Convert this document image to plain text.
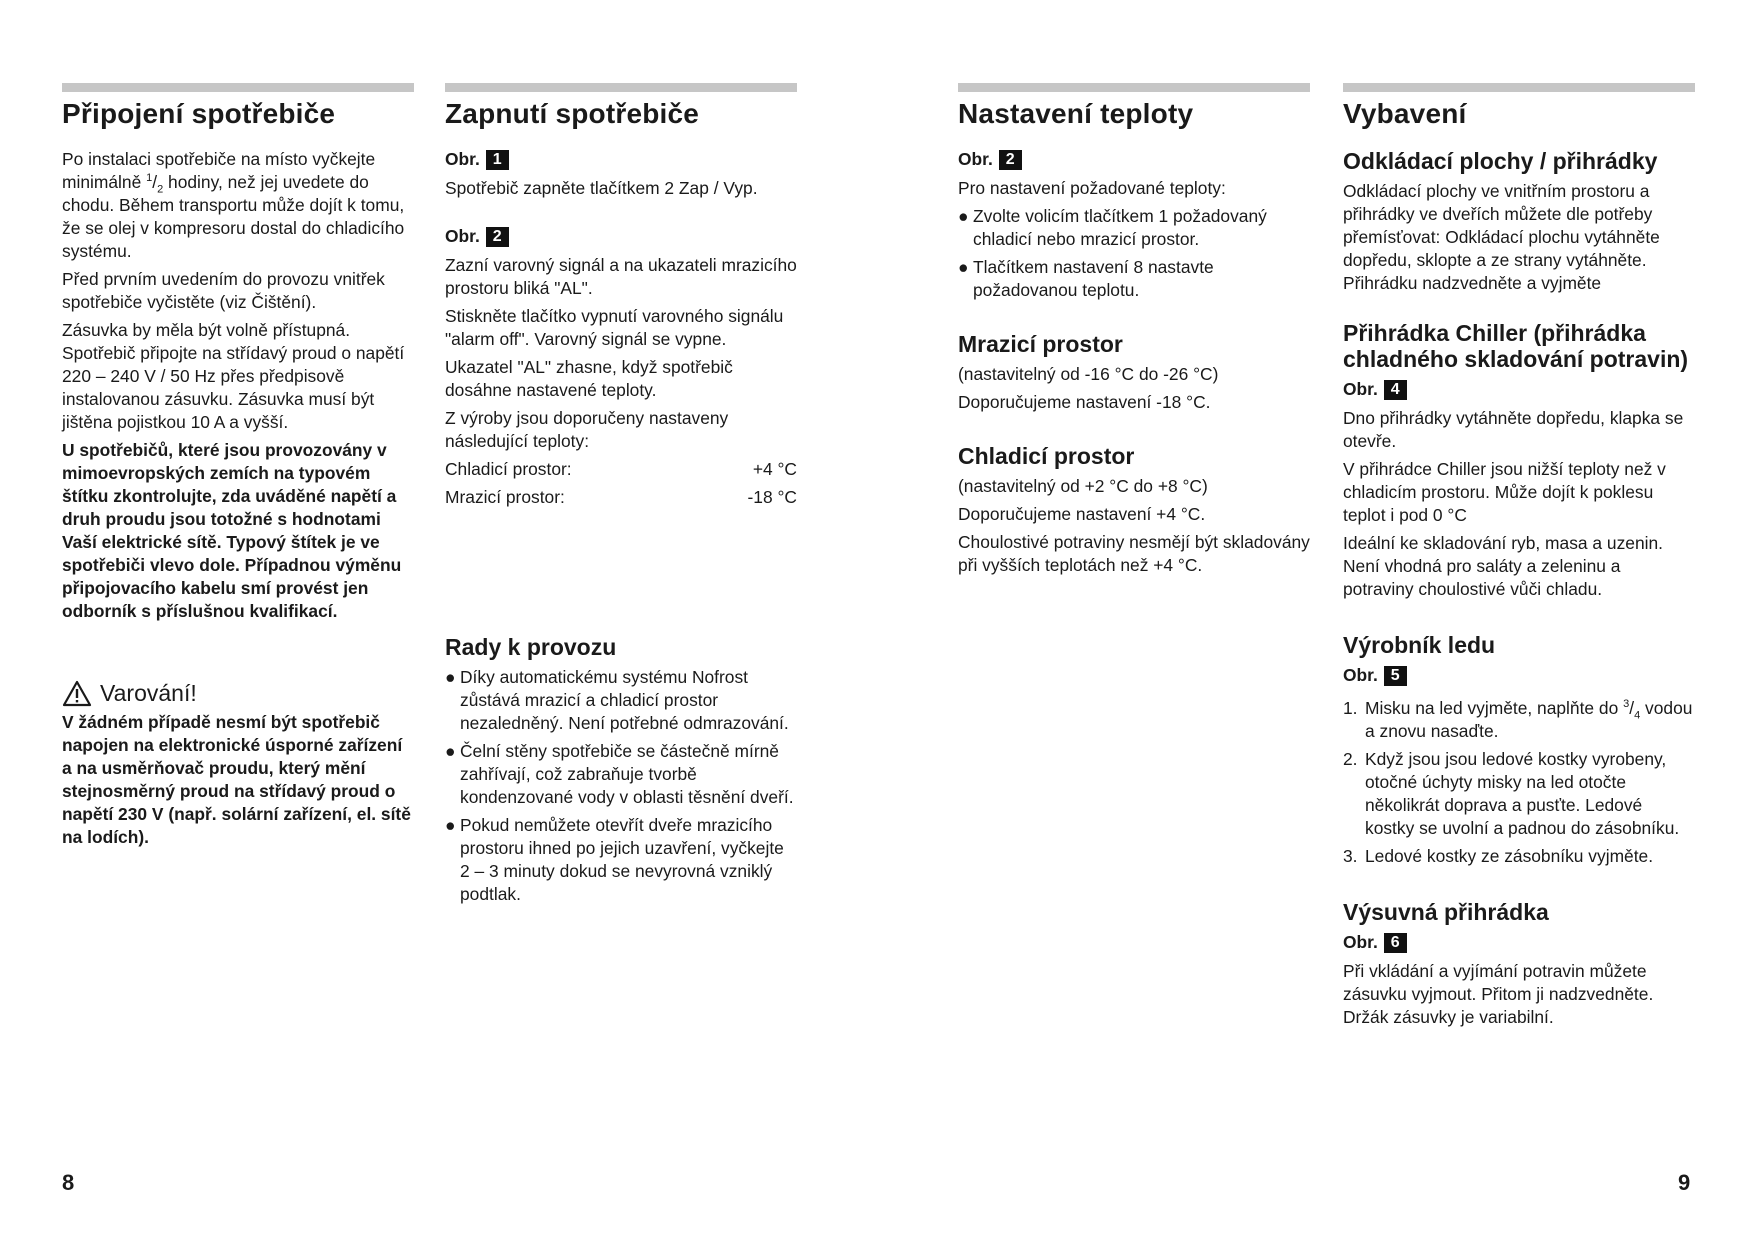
Připojení spotřebiče

Po instalaci spotřebiče na místo vyčkejte minimálně $^1/_2$ hodiny, než jej uvedete do chodu. Během transportu může dojít k tomu, že se olej v kompresoru dostal do chladicího systému.

Před prvním uvedením do provozu vnitřek spotřebiče vyčistěte (viz Čištění).

Zásuvka by měla být volně přístupná. Spotřebič připojte na střídavý proud o napětí 220 – 240 V / 50 Hz přes předpisově instalovanou zásuvku. Zásuvka musí být jištěna pojistkou 10 A a vyšší.

U spotřebičů, které jsou provozovány v mimoevropských zemích na typovém štítku zkontrolujte, zda uváděné napětí a druh proudu jsou totožné s hodnotami Vaší elektrické sítě. Typový štítek je ve spotřebiči vlevo dole. Případnou výměnu připojovacího kabelu smí provést jen odborník s příslušnou kvalifikací.

Varování!

V žádném případě nesmí být spotřebič napojen na elektronické úsporné zařízení a na usměrňovač proudu, který mění stejnosměrný proud na střídavý proud o napětí 230 V (např. solární zařízení, el. sítě na lodích).

Zapnutí spotřebiče
Obr. 1

Spotřebič zapněte tlačítkem 2 Zap / Vyp.

Obr. 2

Zazní varovný signál a na ukazateli mrazicího prostoru bliká "AL".

Stiskněte tlačítko vypnutí varovného signálu "alarm off". Varovný signál se vypne.

Ukazatel "AL" zhasne, když spotřebič dosáhne nastavené teploty.

Z výroby jsou doporučeny nastaveny následující teploty:

Chladicí prostor:	+4 °C
Mrazicí prostor:	-18 °C
Rady k provozu
● Díky automatickému systému Nofrost zůstává mrazicí a chladicí prostor nezaledněný. Není potřebné odmrazování.
● Čelní stěny spotřebiče se částečně mírně zahřívají, což zabraňuje tvorbě kondenzované vody v oblasti těsnění dveří.
● Pokud nemůžete otevřít dveře mrazicího prostoru ihned po jejich uzavření, vyčkejte 2 – 3 minuty dokud se nevyrovná vzniklý podtlak.
Nastavení teploty
Obr. 2

Pro nastavení požadované teploty:

● Zvolte volicím tlačítkem 1 požadovaný chladicí nebo mrazicí prostor.
● Tlačítkem nastavení 8 nastavte požadovanou teplotu.
Mrazicí prostor

(nastavitelný od -16 °C do -26 °C)

Doporučujeme nastavení -18 °C.

Chladicí prostor

(nastavitelný od +2 °C do +8 °C)

Doporučujeme nastavení +4 °C.

Choulostivé potraviny nesmějí být skladovány při vyšších teplotách než +4 °C.

Vybavení
Odkládací plochy / přihrádky

Odkládací plochy ve vnitřním prostoru a přihrádky ve dveřích můžete dle potřeby přemísťovat: Odkládací plochu vytáhněte dopředu, sklopte a ze strany vytáhněte. Přihrádku nadzvedněte a vyjměte

Přihrádka Chiller (přihrádka chladného skladování potravin)
Obr. 4

Dno přihrádky vytáhněte dopředu, klapka se otevře.

V přihrádce Chiller jsou nižší teploty než v chladicím prostoru. Může dojít k poklesu teplot i pod 0 °C

Ideální ke skladování ryb, masa a uzenin. Není vhodná pro saláty a zeleninu a potraviny choulostivé vůči chladu.

Výrobník ledu
Obr. 5
1. Misku na led vyjměte, naplňte do $^3/_4$ vodou a znovu nasaďte.
2. Když jsou jsou ledové kostky vyrobeny, otočné úchyty misky na led otočte několikrát doprava a pusťte. Ledové kostky se uvolní a padnou do zásobníku.
3. Ledové kostky ze zásobníku vyjměte.
Výsuvná přihrádka
Obr. 6

Při vkládání a vyjímání potravin můžete zásuvku vyjmout. Přitom ji nadzvedněte. Držák zásuvky je variabilní.

8	9
